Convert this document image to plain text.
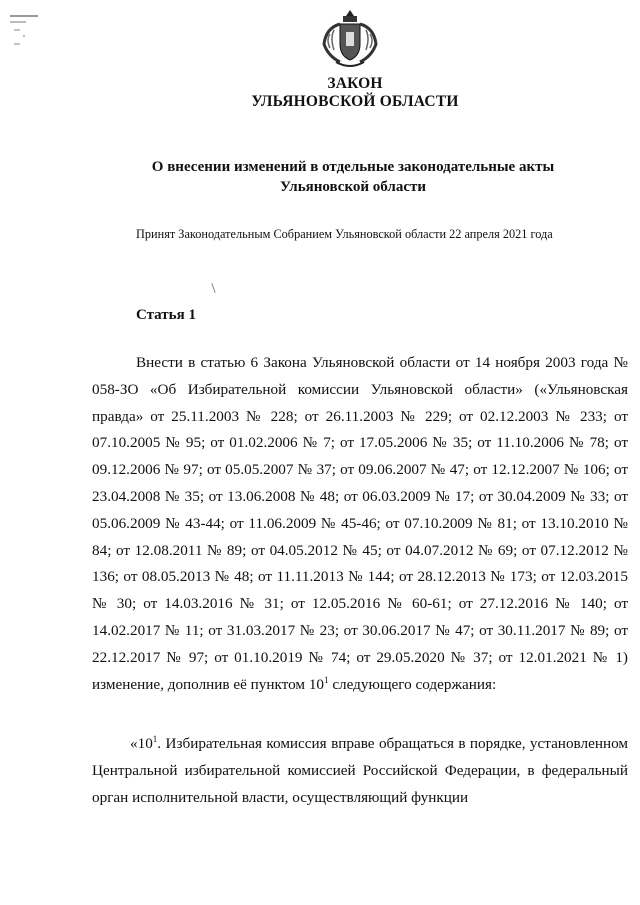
ЗАКОН
УЛЬЯНОВСКОЙ ОБЛАСТИ
О внесении изменений в отдельные законодательные акты
Ульяновской области
Принят Законодательным Собранием Ульяновской области 22 апреля 2021 года
Статья 1

Внести в статью 6 Закона Ульяновской области от 14 ноября 2003 года № 058-ЗО «Об Избирательной комиссии Ульяновской области» («Ульяновская правда» от 25.11.2003 № 228; от 26.11.2003 № 229; от 02.12.2003 № 233; от 07.10.2005 № 95; от 01.02.2006 № 7; от 17.05.2006 № 35; от 11.10.2006 № 78; от 09.12.2006 № 97; от 05.05.2007 № 37; от 09.06.2007 № 47; от 12.12.2007 № 106; от 23.04.2008 № 35; от 13.06.2008 № 48; от 06.03.2009 № 17; от 30.04.2009 № 33; от 05.06.2009 № 43-44; от 11.06.2009 № 45-46; от 07.10.2009 № 81; от 13.10.2010 № 84; от 12.08.2011 № 89; от 04.05.2012 № 45; от 04.07.2012 № 69; от 07.12.2012 № 136; от 08.05.2013 № 48; от 11.11.2013 № 144; от 28.12.2013 № 173; от 12.03.2015 № 30; от 14.03.2016 № 31; от 12.05.2016 № 60-61; от 27.12.2016 № 140; от 14.02.2017 № 11; от 31.03.2017 № 23; от 30.06.2017 № 47; от 30.11.2017 № 89; от 22.12.2017 № 97; от 01.10.2019 № 74; от 29.05.2020 № 37; от 12.01.2021 № 1) изменение, дополнив её пунктом $10^1$ следующего содержания:

«$10^1$. Избирательная комиссия вправе обращаться в порядке, установленном Центральной избирательной комиссией Российской Федерации, в федеральный орган исполнительной власти, осуществляющий функции
